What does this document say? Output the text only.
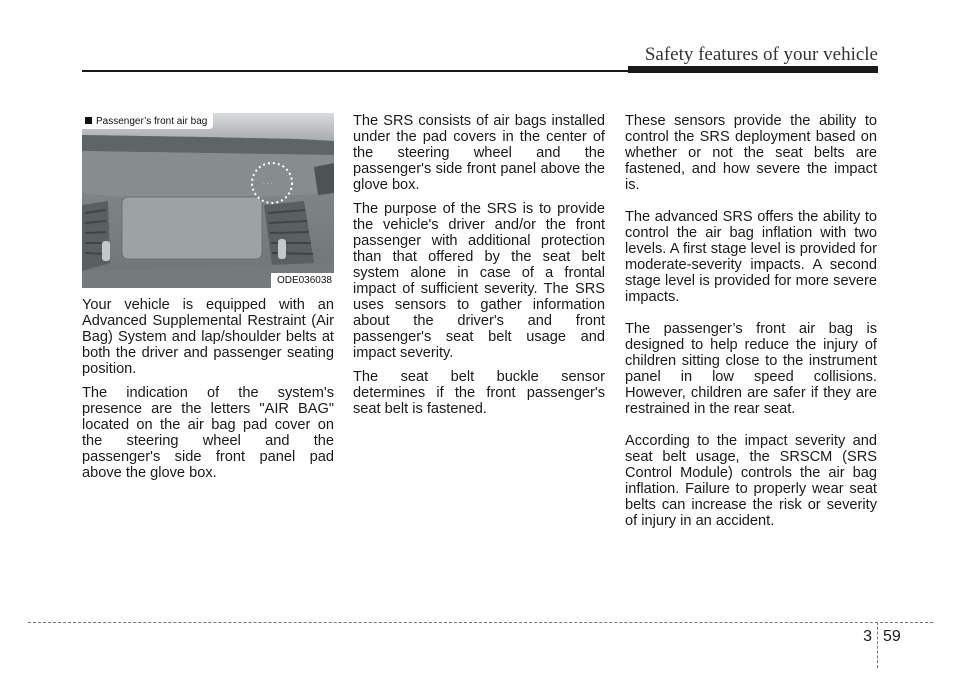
Safety features of your vehicle
· · ·
Passenger’s front air bag
ODE036038

Your vehicle is equipped with an Advanced Supplemental Restraint (Air Bag) System and lap/shoulder belts at both the driver and passenger seating position.

The indication of the system's presence are the letters "AIR BAG" located on the air bag pad cover on the steering wheel and the passenger's side front panel pad above the glove box.

The SRS consists of air bags installed under the pad covers in the center of the steering wheel and the passenger's side front panel above the glove box.

The purpose of the SRS is to provide the vehicle's driver and/or the front passenger with additional protection than that offered by the seat belt system alone in case of a frontal impact of sufficient severity. The SRS uses sensors to gather information about the driver's and front passenger's seat belt usage and impact severity.

The seat belt buckle sensor determines if the front passenger's seat belt is fastened.

These sensors provide the ability to control the SRS deployment based on whether or not the seat belts are fastened, and how severe the impact is.

The advanced SRS offers the ability to control the air bag inflation with two levels. A first stage level is provided for moderate-severity impacts. A second stage level is provided for more severe impacts.

The passenger’s front air bag is designed to help reduce the injury of children sitting close to the instrument panel in low speed collisions. However, children are safer if they are restrained in the rear seat.

According to the impact severity and seat belt usage, the SRSCM (SRS Control Module) controls the air bag inflation. Failure to properly wear seat belts can increase the risk or severity of injury in an accident.

3 59
